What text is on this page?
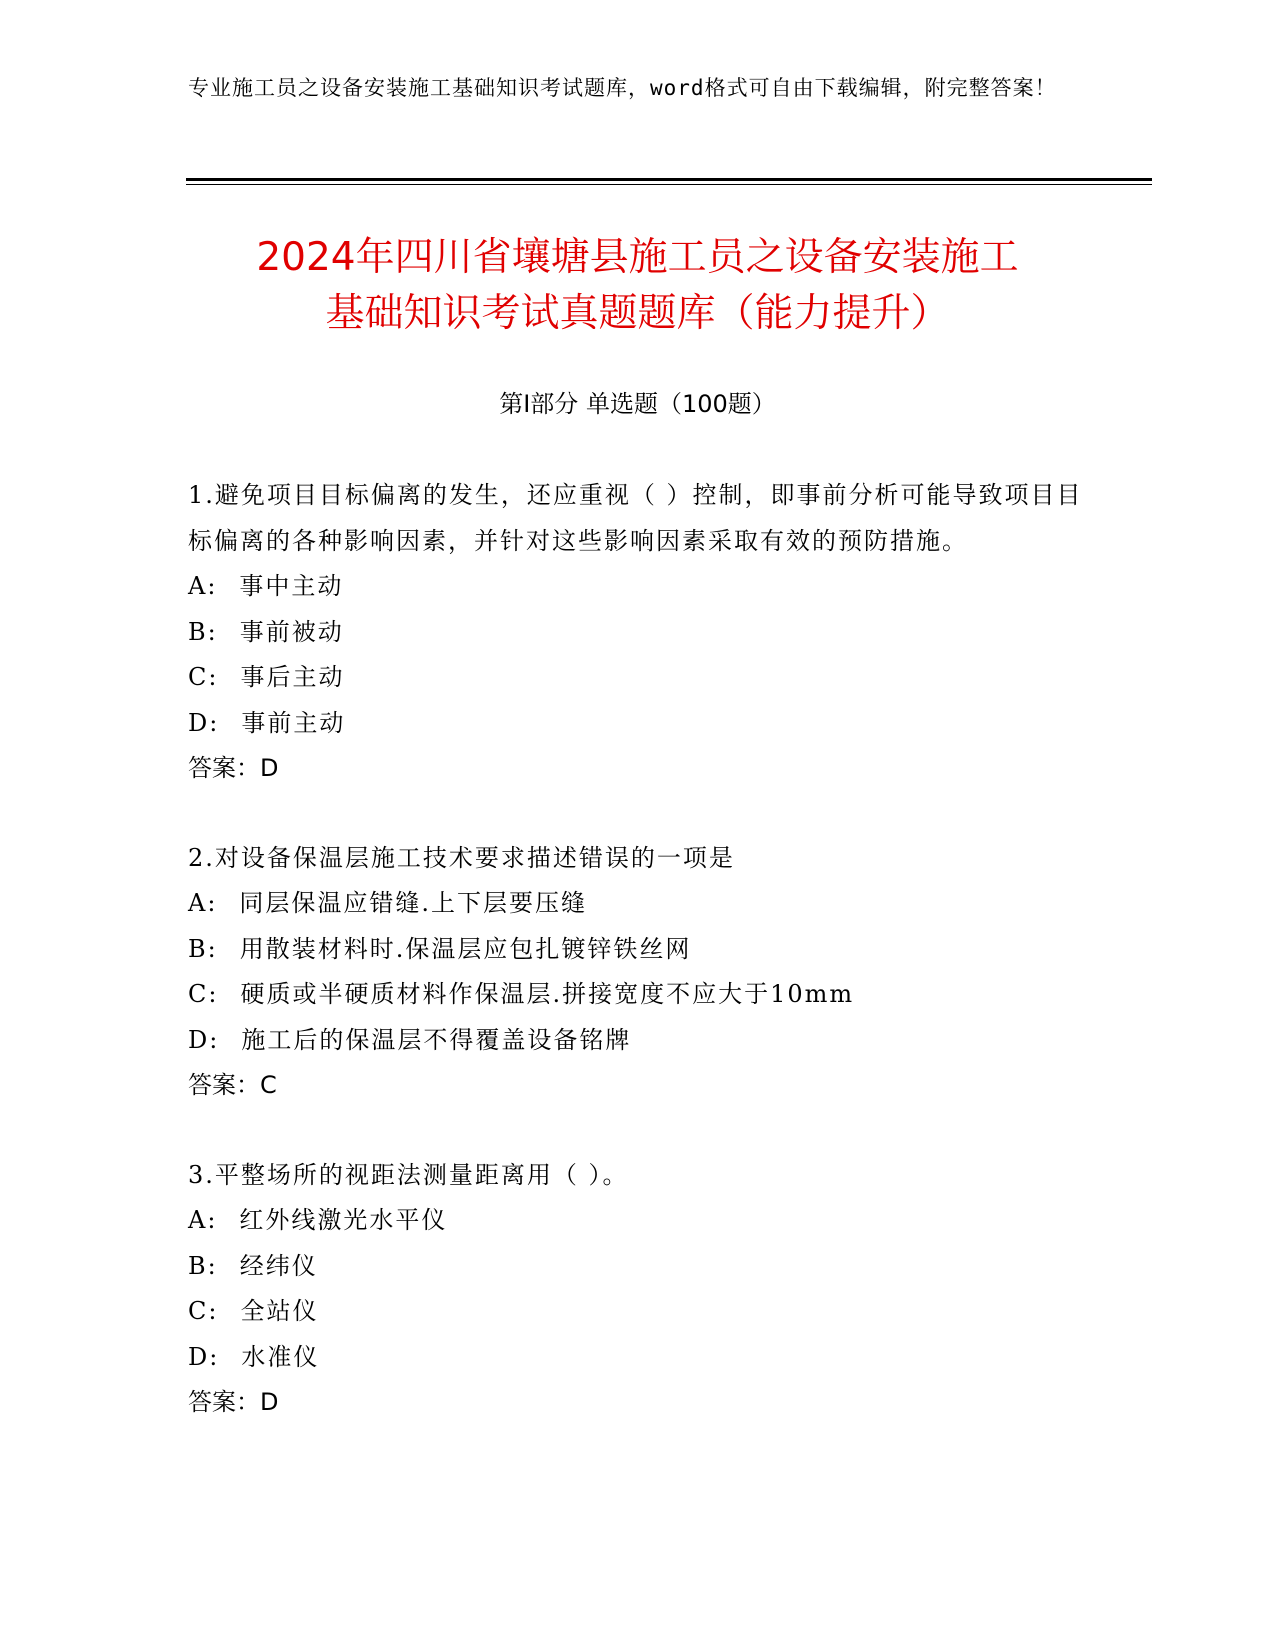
专业施工员之设备安装施工基础知识考试题库，word格式可自由下载编辑，附完整答案！
2024年四川省壤塘县施工员之设备安装施工
基础知识考试真题题库（能力提升）
第Ⅰ部分 单选题（100题）
1.避免项目目标偏离的发生，还应重视（ ）控制，即事前分析可能导致项目目标偏离的各种影响因素，并针对这些影响因素采取有效的预防措施。
A: 事中主动
B: 事前被动
C: 事后主动
D: 事前主动
答案：D
2.对设备保温层施工技术要求描述错误的一项是
A: 同层保温应错缝.上下层要压缝
B: 用散装材料时.保温层应包扎镀锌铁丝网
C: 硬质或半硬质材料作保温层.拼接宽度不应大于10mm
D: 施工后的保温层不得覆盖设备铭牌
答案：C
3.平整场所的视距法测量距离用（ ）。
A: 红外线激光水平仪
B: 经纬仪
C: 全站仪
D: 水准仪
答案：D
